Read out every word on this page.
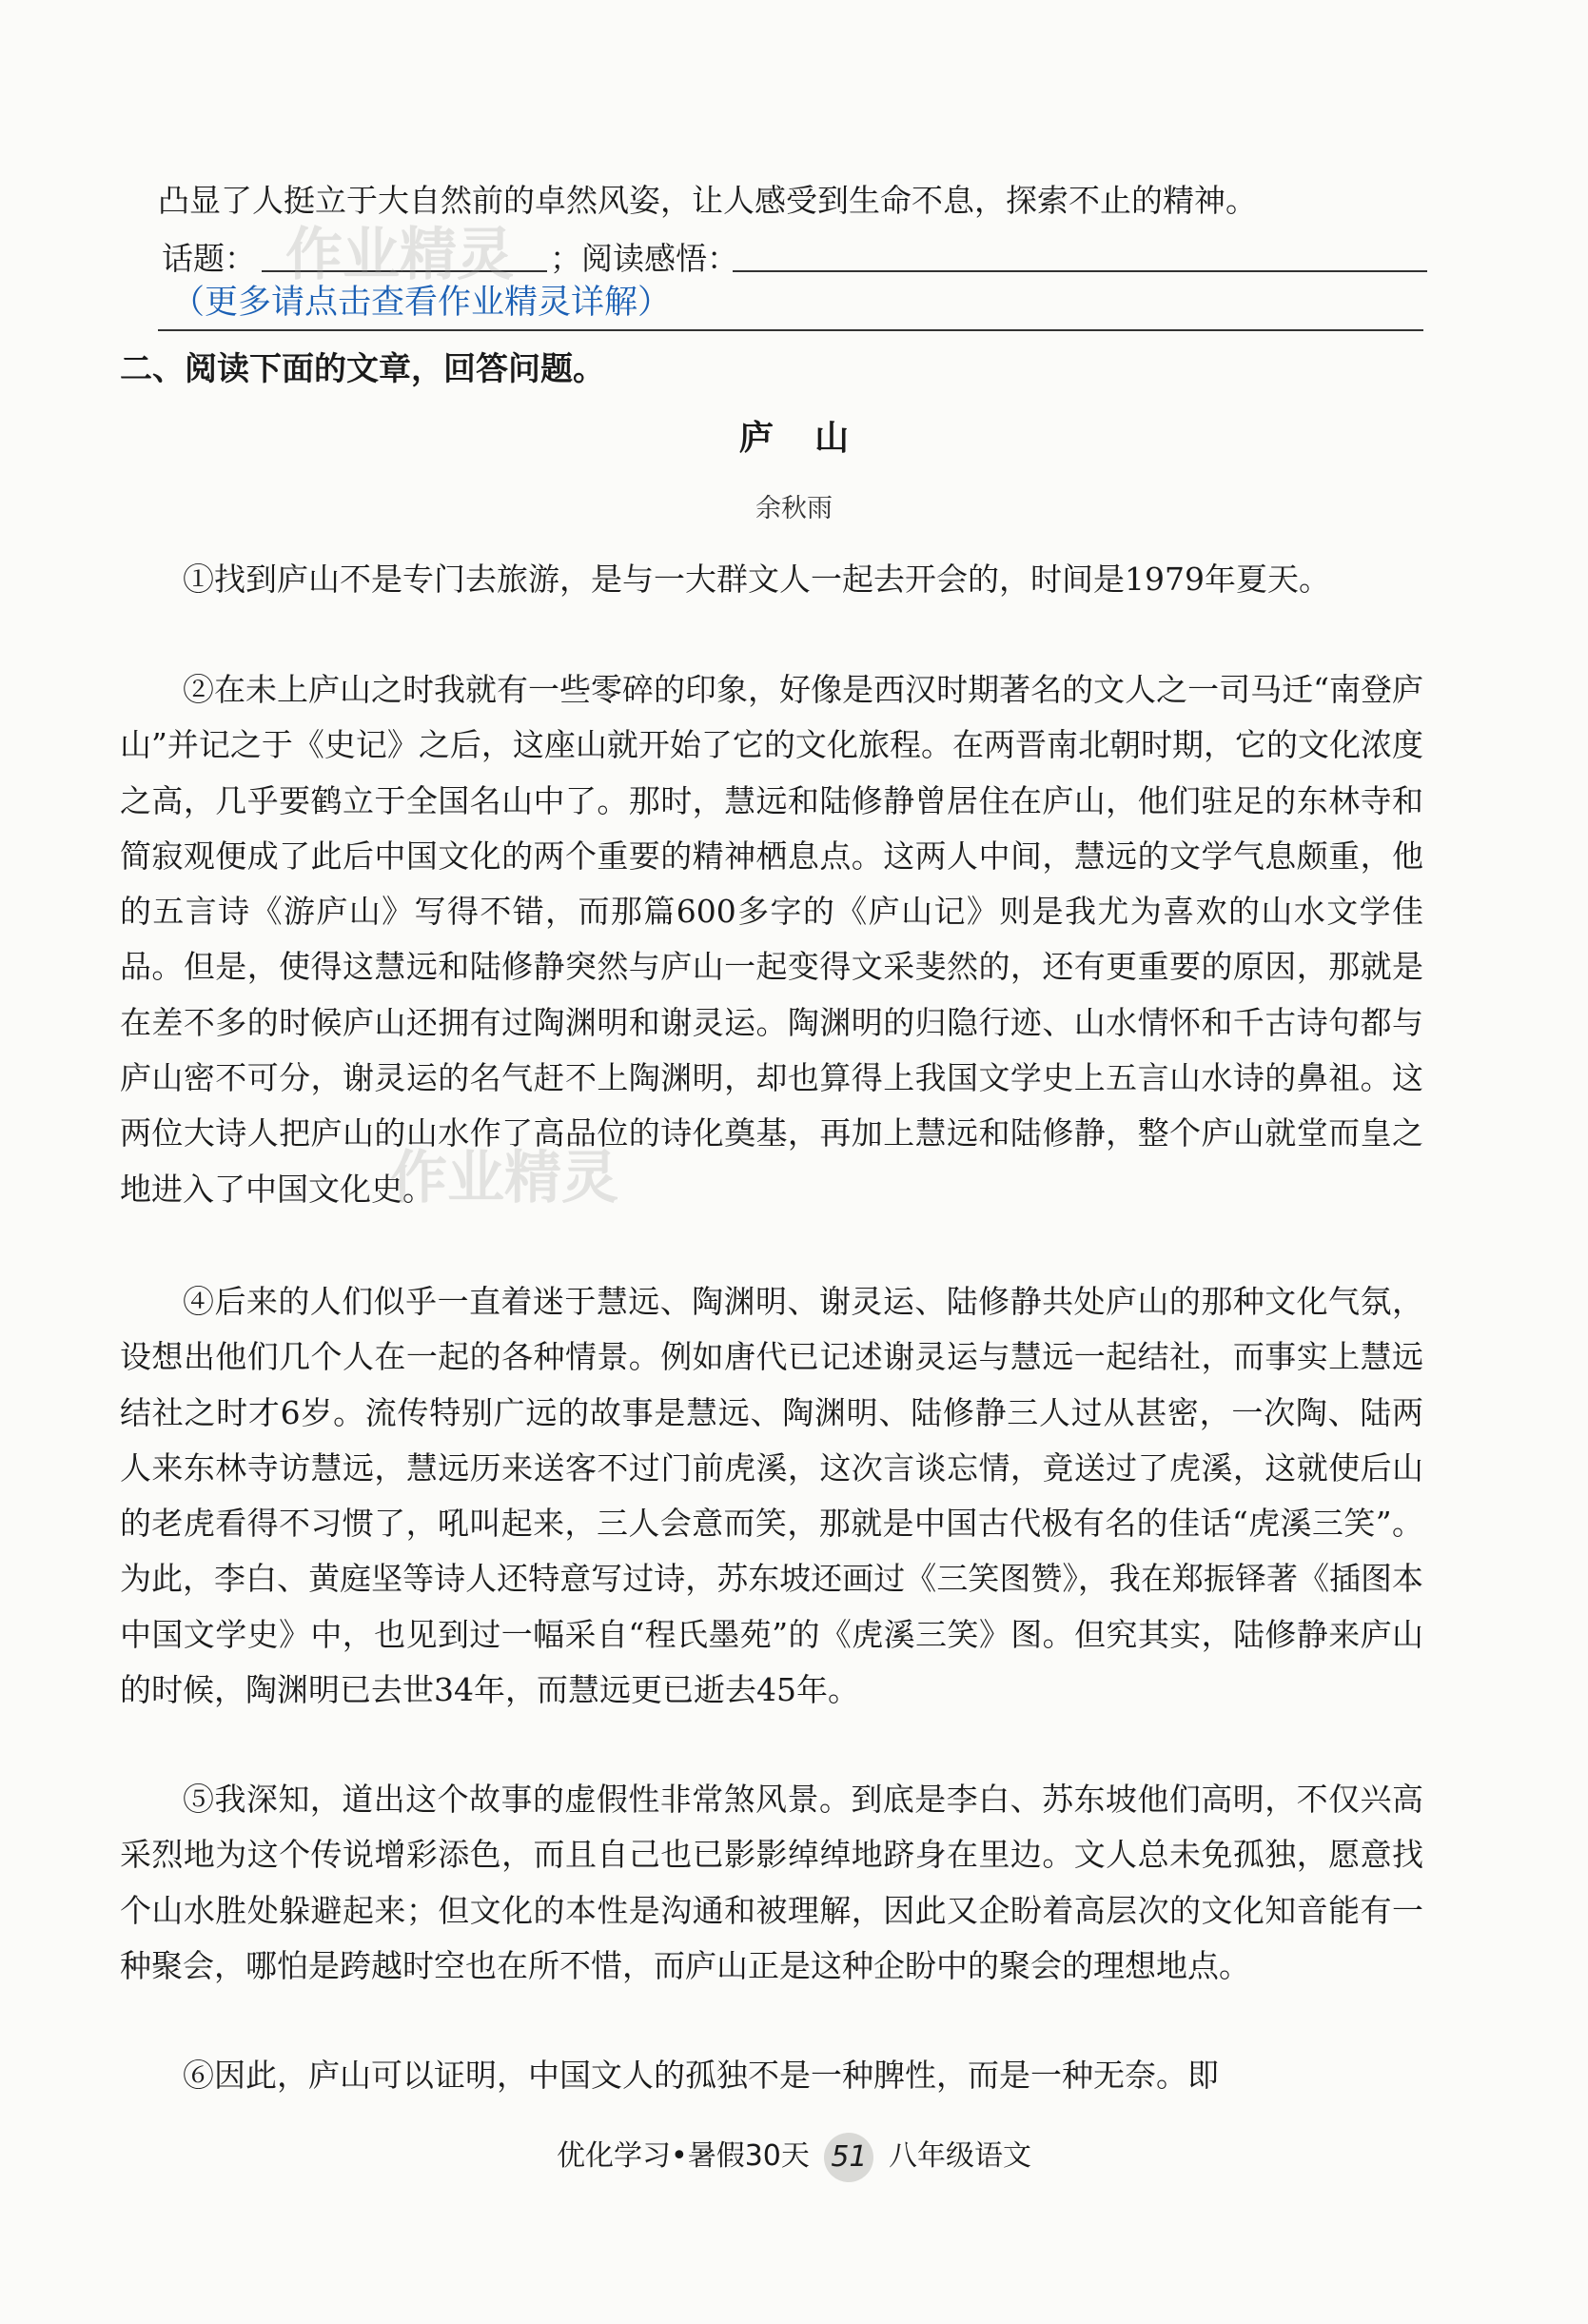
凸显了人挺立于大自然前的卓然风姿，让人感受到生命不息，探索不止的精神。

话题：	；阅读感悟：
（更多请点击查看作业精灵详解）
二、阅读下面的文章，回答问题。
庐山
余秋雨

①找到庐山不是专门去旅游，是与一大群文人一起去开会的，时间是1979年夏天。

②在未上庐山之时我就有一些零碎的印象，好像是西汉时期著名的文人之一司马迁“南登庐山”并记之于《史记》之后，这座山就开始了它的文化旅程。在两晋南北朝时期，它的文化浓度之高，几乎要鹤立于全国名山中了。那时，慧远和陆修静曾居住在庐山，他们驻足的东林寺和简寂观便成了此后中国文化的两个重要的精神栖息点。这两人中间，慧远的文学气息颇重，他的五言诗《游庐山》写得不错，而那篇600多字的《庐山记》则是我尤为喜欢的山水文学佳品。但是，使得这慧远和陆修静突然与庐山一起变得文采斐然的，还有更重要的原因，那就是在差不多的时候庐山还拥有过陶渊明和谢灵运。陶渊明的归隐行迹、山水情怀和千古诗句都与庐山密不可分，谢灵运的名气赶不上陶渊明，却也算得上我国文学史上五言山水诗的鼻祖。这两位大诗人把庐山的山水作了高品位的诗化奠基，再加上慧远和陆修静，整个庐山就堂而皇之地进入了中国文化史。

④后来的人们似乎一直着迷于慧远、陶渊明、谢灵运、陆修静共处庐山的那种文化气氛，设想出他们几个人在一起的各种情景。例如唐代已记述谢灵运与慧远一起结社，而事实上慧远结社之时才6岁。流传特别广远的故事是慧远、陶渊明、陆修静三人过从甚密，一次陶、陆两人来东林寺访慧远，慧远历来送客不过门前虎溪，这次言谈忘情，竟送过了虎溪，这就使后山的老虎看得不习惯了，吼叫起来，三人会意而笑，那就是中国古代极有名的佳话“虎溪三笑”。为此，李白、黄庭坚等诗人还特意写过诗，苏东坡还画过《三笑图赞》，我在郑振铎著《插图本中国文学史》中，也见到过一幅采自“程氏墨苑”的《虎溪三笑》图。但究其实，陆修静来庐山的时候，陶渊明已去世34年，而慧远更已逝去45年。

⑤我深知，道出这个故事的虚假性非常煞风景。到底是李白、苏东坡他们高明，不仅兴高采烈地为这个传说增彩添色，而且自己也已影影绰绰地跻身在里边。文人总未免孤独，愿意找个山水胜处躲避起来；但文化的本性是沟通和被理解，因此又企盼着高层次的文化知音能有一种聚会，哪怕是跨越时空也在所不惜，而庐山正是这种企盼中的聚会的理想地点。

⑥因此，庐山可以证明，中国文人的孤独不是一种脾性，而是一种无奈。即

优化学习•暑假30天 51 八年级语文
作业精灵
作业精灵
